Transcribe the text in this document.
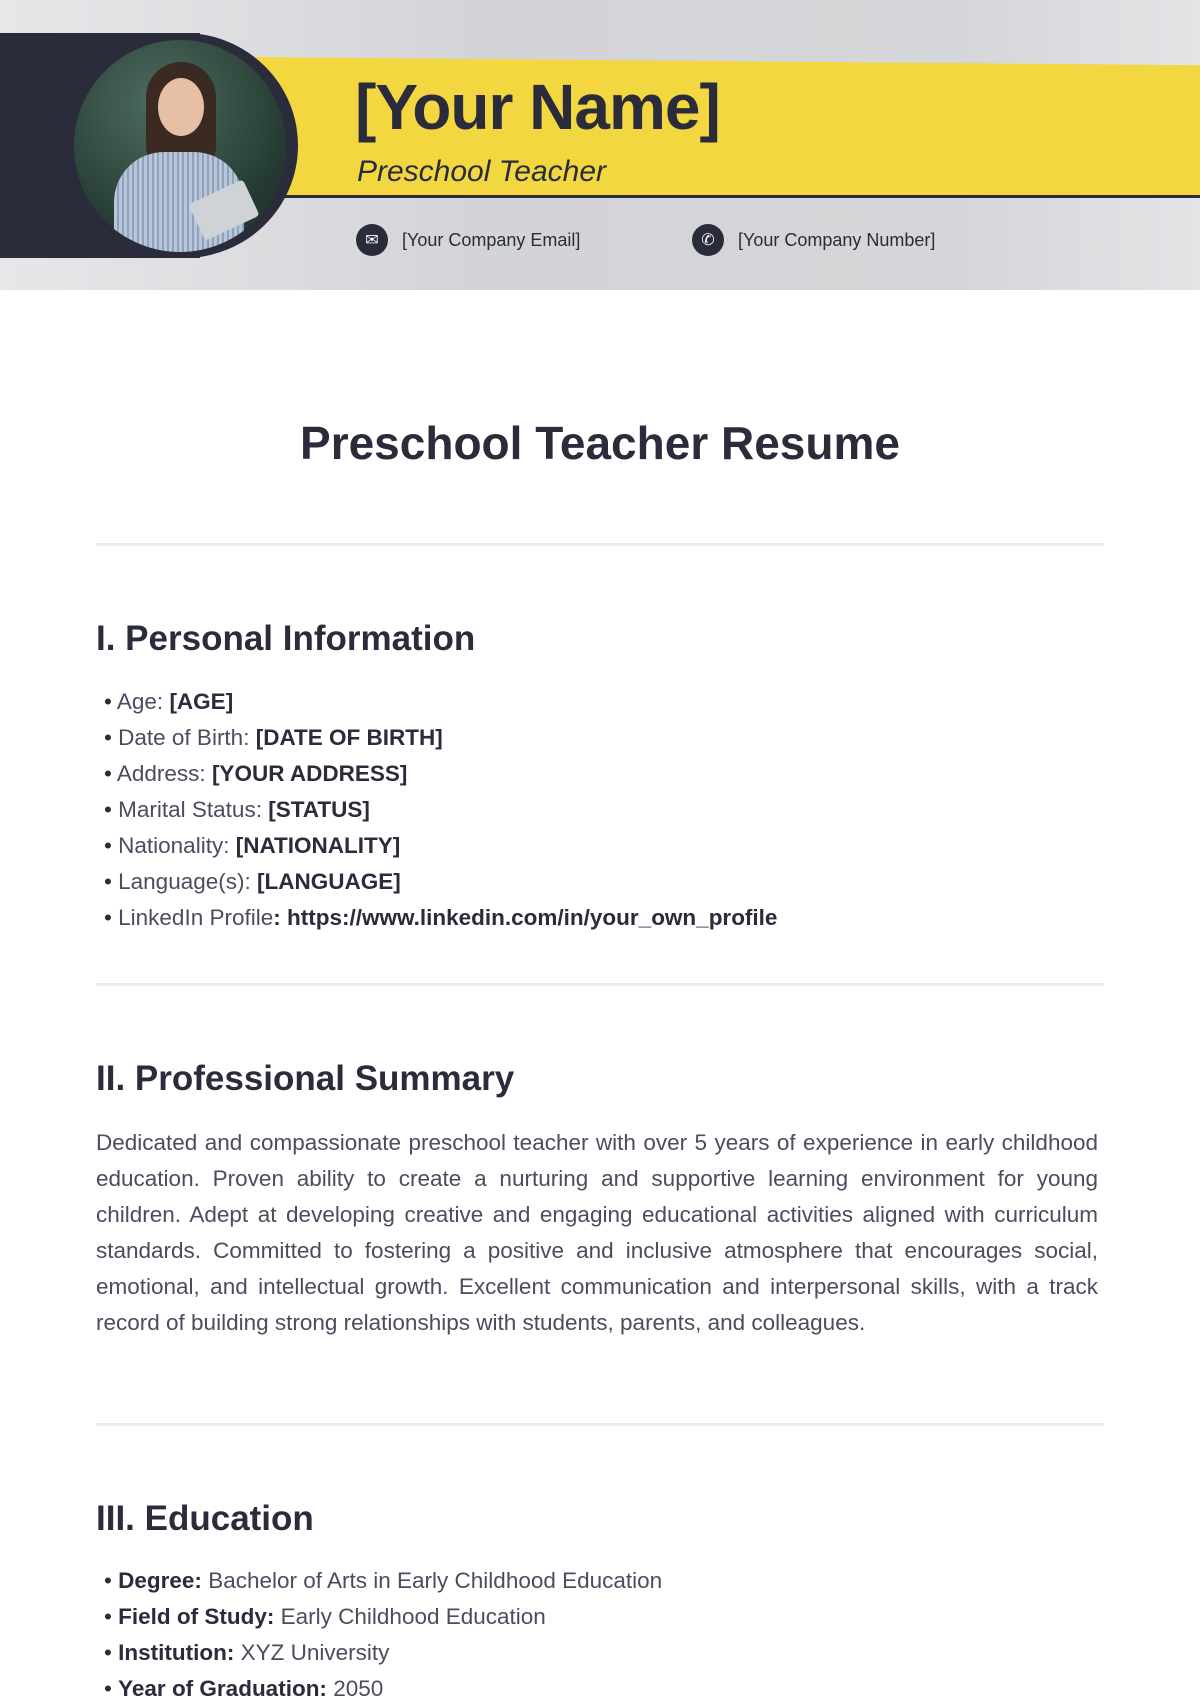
[Your Name]
Preschool Teacher
✉	[Your Company Email]	✆	[Your Company Number]
Preschool Teacher Resume
I. Personal Information
• Age: [AGE]
• Date of Birth: [DATE OF BIRTH]
• Address: [YOUR ADDRESS]
• Marital Status: [STATUS]
• Nationality: [NATIONALITY]
• Language(s): [LANGUAGE]
• LinkedIn Profile: https://www.linkedin.com/in/your_own_profile
II. Professional Summary
Dedicated and compassionate preschool teacher with over 5 years of experience in early childhood education. Proven ability to create a nurturing and supportive learning environment for young children. Adept at developing creative and engaging educational activities aligned with curriculum standards. Committed to fostering a positive and inclusive atmosphere that encourages social, emotional, and intellectual growth. Excellent communication and interpersonal skills, with a track record of building strong relationships with students, parents, and colleagues.
III. Education
• Degree: Bachelor of Arts in Early Childhood Education
• Field of Study: Early Childhood Education
• Institution: XYZ University
• Year of Graduation: 2050
